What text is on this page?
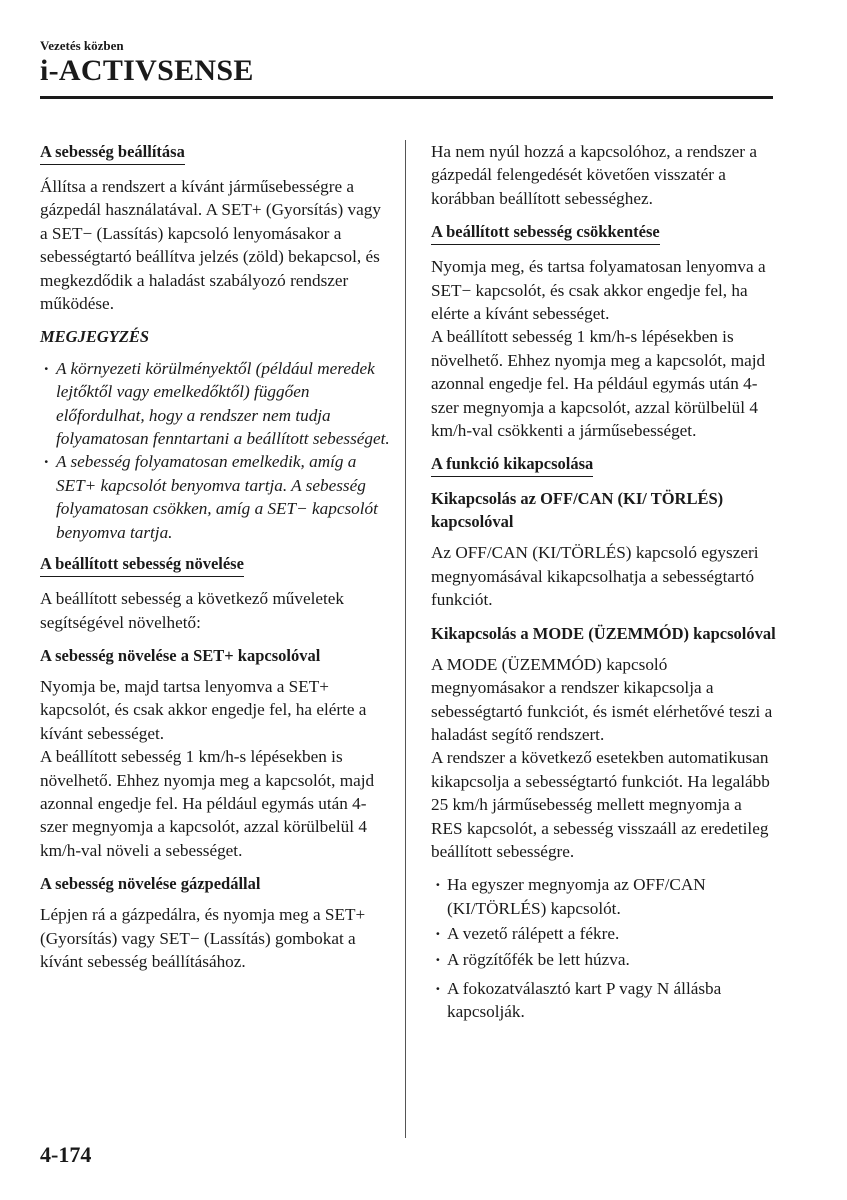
Vezetés közben
i-ACTIVSENSE
A sebesség beállítása

Állítsa a rendszert a kívánt járműsebességre a gázpedál használatával. A SET+ (Gyorsítás) vagy a SET− (Lassítás) kapcsoló lenyomásakor a sebességtartó beállítva jelzés (zöld) bekapcsol, és megkezdődik a haladást szabályozó rendszer működése.

MEGJEGYZÉS
· A környezeti körülményektől (például meredek lejtőktől vagy emelkedőktől) függően előfordulhat, hogy a rendszer nem tudja folyamatosan fenntartani a beállított sebességet.
· A sebesség folyamatosan emelkedik, amíg a SET+ kapcsolót benyomva tartja. A sebesség folyamatosan csökken, amíg a SET− kapcsolót benyomva tartja.
A beállított sebesség növelése

A beállított sebesség a következő műveletek segítségével növelhető:

A sebesség növelése a SET+ kapcsolóval

Nyomja be, majd tartsa lenyomva a SET+ kapcsolót, és csak akkor engedje fel, ha elérte a kívánt sebességet.

A beállított sebesség 1 km/h-s lépésekben is növelhető. Ehhez nyomja meg a kapcsolót, majd azonnal engedje fel. Ha például egymás után 4-szer megnyomja a kapcsolót, azzal körülbelül 4 km/h-val növeli a sebességet.

A sebesség növelése gázpedállal

Lépjen rá a gázpedálra, és nyomja meg a SET+ (Gyorsítás) vagy SET− (Lassítás) gombokat a kívánt sebesség beállításához.

Ha nem nyúl hozzá a kapcsolóhoz, a rendszer a gázpedál felengedését követően visszatér a korábban beállított sebességhez.

A beállított sebesség csökkentése

Nyomja meg, és tartsa folyamatosan lenyomva a SET− kapcsolót, és csak akkor engedje fel, ha elérte a kívánt sebességet.

A beállított sebesség 1 km/h-s lépésekben is növelhető. Ehhez nyomja meg a kapcsolót, majd azonnal engedje fel. Ha például egymás után 4-szer megnyomja a kapcsolót, azzal körülbelül 4 km/h-val csökkenti a járműsebességet.

A funkció kikapcsolása
Kikapcsolás az OFF/CAN (KI/ TÖRLÉS) kapcsolóval

Az OFF/CAN (KI/TÖRLÉS) kapcsoló egyszeri megnyomásával kikapcsolhatja a sebességtartó funkciót.

Kikapcsolás a MODE (ÜZEMMÓD) kapcsolóval

A MODE (ÜZEMMÓD) kapcsoló megnyomásakor a rendszer kikapcsolja a sebességtartó funkciót, és ismét elérhetővé teszi a haladást segítő rendszert.

A rendszer a következő esetekben automatikusan kikapcsolja a sebességtartó funkciót. Ha legalább 25 km/h járműsebesség mellett megnyomja a RES kapcsolót, a sebesség visszaáll az eredetileg beállított sebességre.

· Ha egyszer megnyomja az OFF/CAN (KI/TÖRLÉS) kapcsolót.
· A vezető rálépett a fékre.
· A rögzítőfék be lett húzva.
· A fokozatválasztó kart P vagy N állásba kapcsolják.
4-174
